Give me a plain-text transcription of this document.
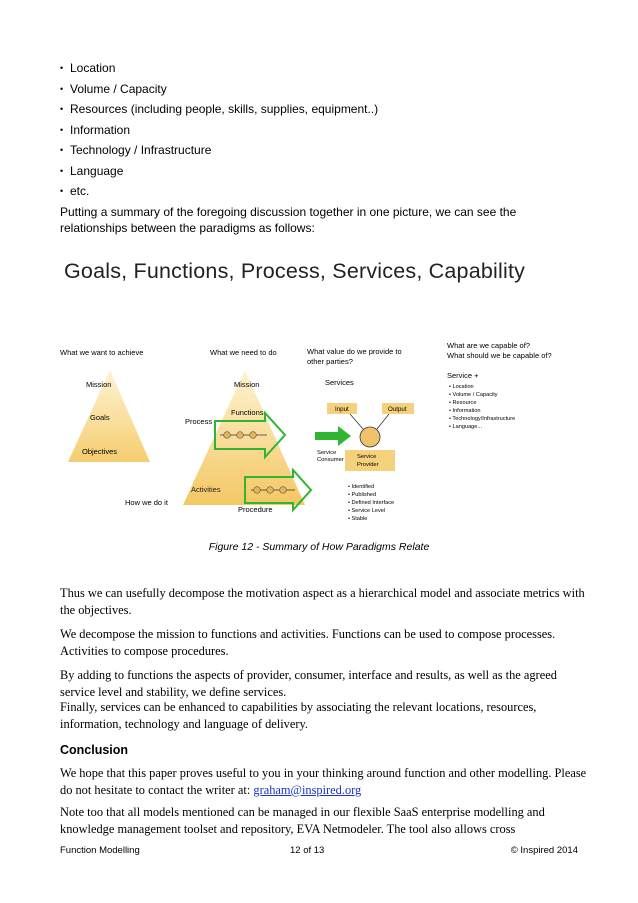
• Location
• Volume / Capacity
• Resources (including people, skills, supplies, equipment..)
• Information
• Technology / Infrastructure
• Language
• etc.
Putting a summary of the foregoing discussion together in one picture, we can see the relationships between the paradigms as follows:
Goals, Functions, Process, Services, Capability
What we want to achieve	What we need to do	What value do we provide to
other parties?
What are we capable of?
What should we be capable of?
Mission
Goals
Objectives
Mission
Process
How we do it
Procedure
Functions
Activities
Services
Input	Output
Service
Consumer Service
Provider
• Identified
• Published
• Defined Interface
• Service Level
• Stable
Service +
• Location
• Volume / Capacity
• Resource
• Information
• Technology/Infrastructure
• Language...
Figure 12 - Summary of How Paradigms Relate
Thus we can usefully decompose the motivation aspect as a hierarchical model and associate metrics with the objectives.
We decompose the mission to functions and activities. Functions can be used to compose processes. Activities to compose procedures.
By adding to functions the aspects of provider, consumer, interface and results, as well as the agreed service level and stability, we define services.
Finally, services can be enhanced to capabilities by associating the relevant locations, resources, information, technology and language of delivery.
Conclusion
We hope that this paper proves useful to you in your thinking around function and other modelling. Please do not hesitate to contact the writer at: graham@inspired.org
Note too that all models mentioned can be managed in our flexible SaaS enterprise modelling and knowledge management toolset and repository, EVA Netmodeler. The tool also allows cross
Function Modelling	12 of 13	© Inspired 2014
